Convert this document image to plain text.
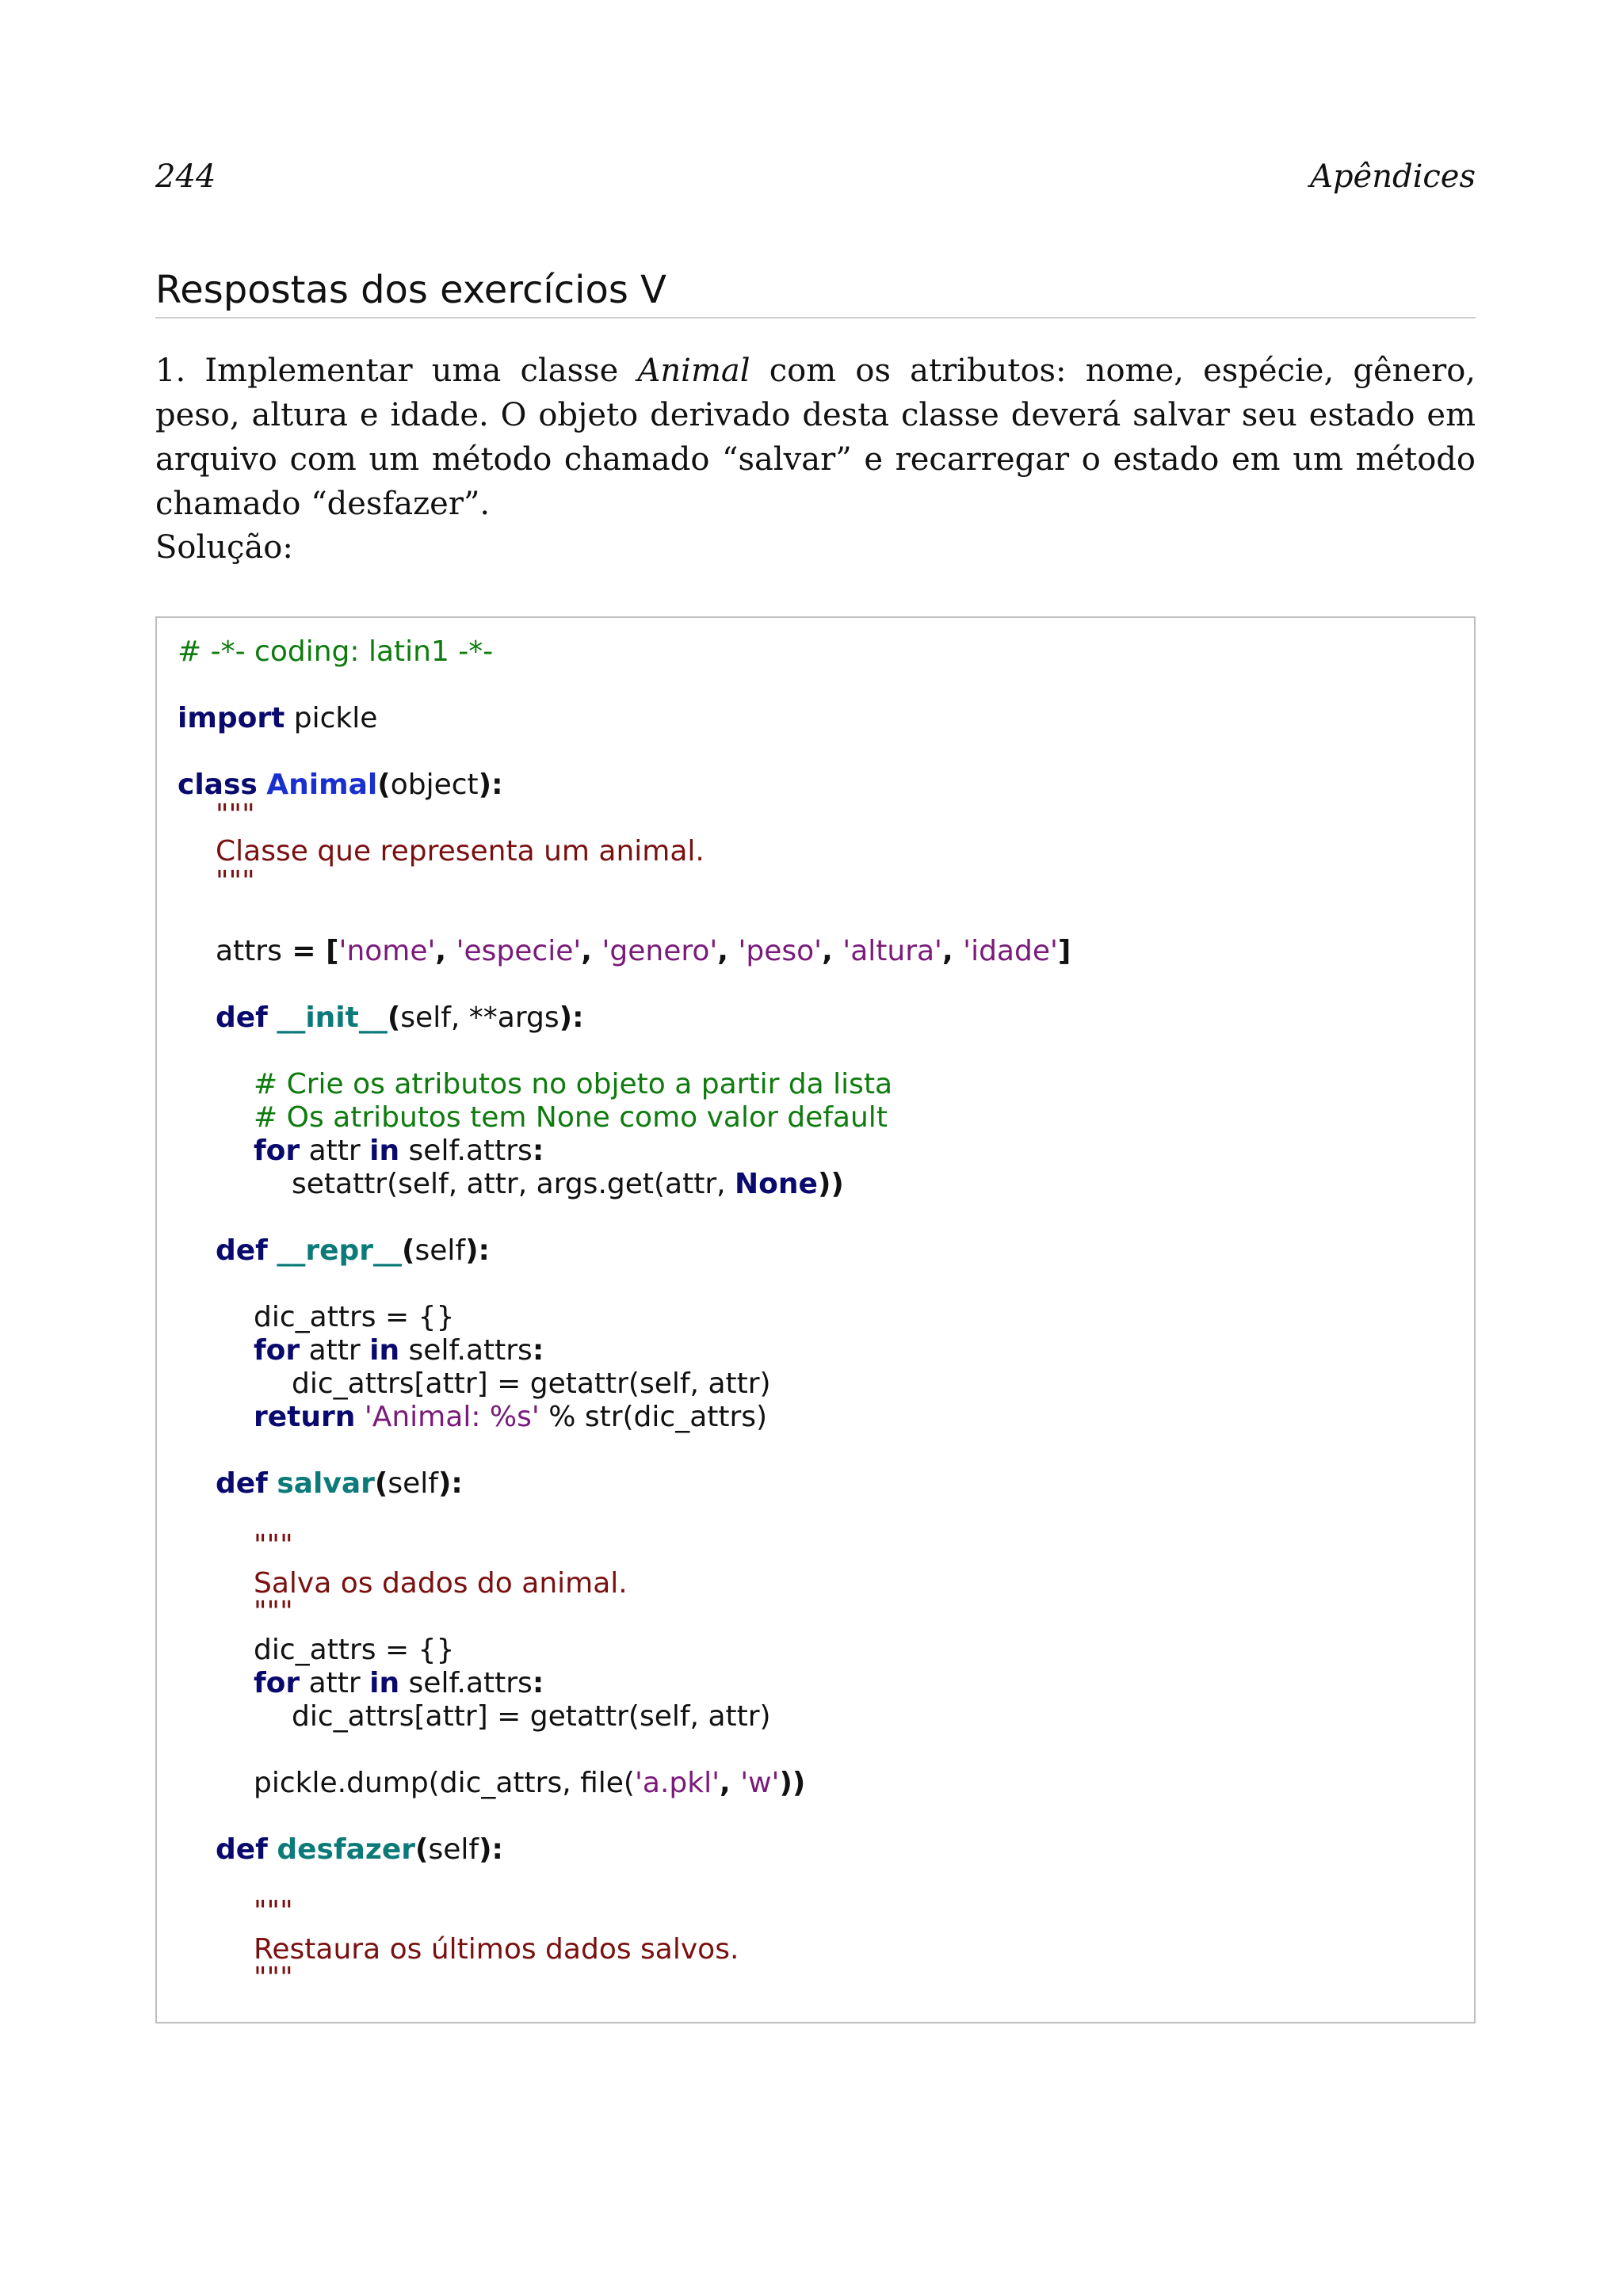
244	Apêndices
Respostas dos exercícios V
1. Implementar uma classe Animal com os atributos: nome, espécie, gênero, peso, altura e idade. O objeto derivado desta classe deverá salvar seu estado em arquivo com um método chamado “salvar” e recarregar o estado em um método chamado “desfazer”.
Solução:

# -*- coding: latin1 -*-

import pickle

class Animal(object):

"""

Classe que representa um animal.

"""

attrs = ['nome', 'especie', 'genero', 'peso', 'altura', 'idade']

def __init__(self, **args):

# Crie os atributos no objeto a partir da lista

# Os atributos tem None como valor default

for attr in self.attrs:

setattr(self, attr, args.get(attr, None))

def __repr__(self):

dic_attrs = {}

for attr in self.attrs:

dic_attrs[attr] = getattr(self, attr)

return 'Animal: %s' % str(dic_attrs)

def salvar(self):

"""

Salva os dados do animal.

"""

dic_attrs = {}

for attr in self.attrs:

dic_attrs[attr] = getattr(self, attr)

pickle.dump(dic_attrs, file('a.pkl', 'w'))

def desfazer(self):

"""

Restaura os últimos dados salvos.

"""
